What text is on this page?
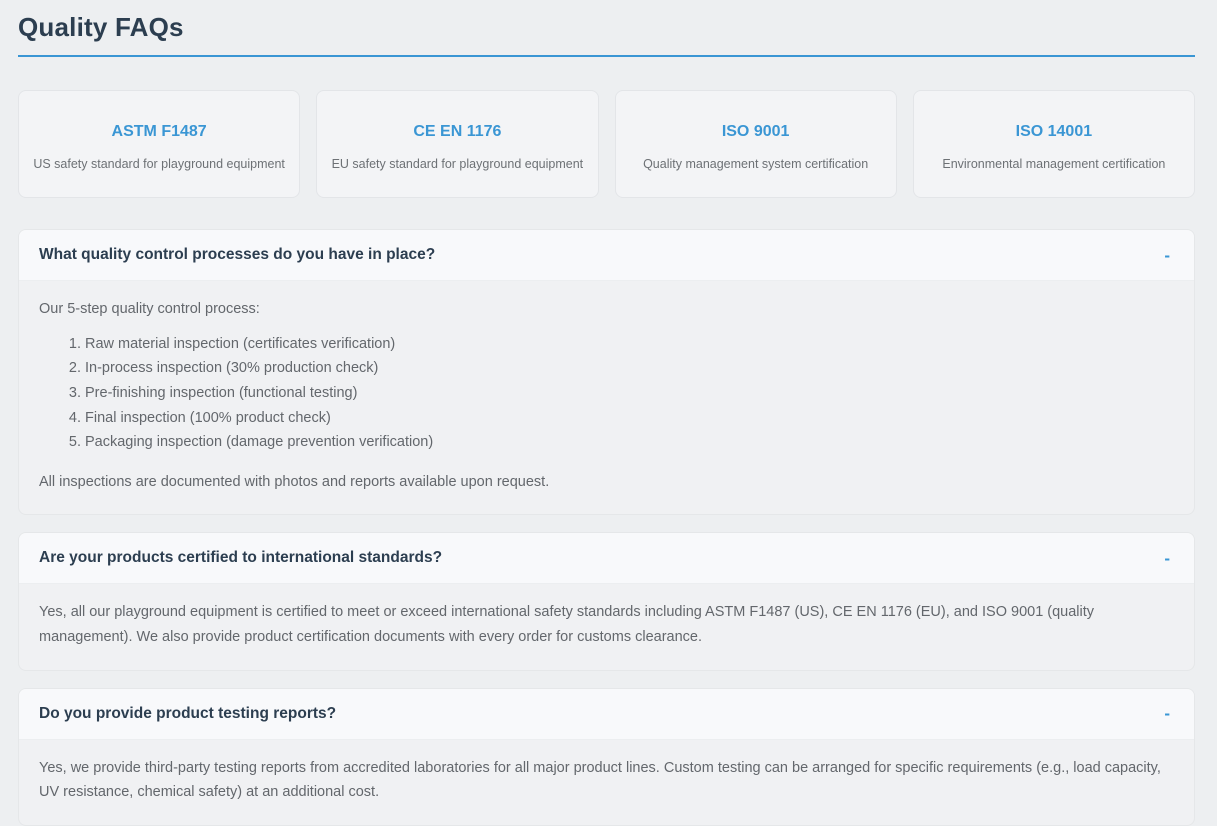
Quality FAQs
ASTM F1487
US safety standard for playground equipment
CE EN 1176
EU safety standard for playground equipment
ISO 9001
Quality management system certification
ISO 14001
Environmental management certification
What quality control processes do you have in place?	-

Our 5-step quality control process:

1. Raw material inspection (certificates verification)
2. In-process inspection (30% production check)
3. Pre-finishing inspection (functional testing)
4. Final inspection (100% product check)
5. Packaging inspection (damage prevention verification)

All inspections are documented with photos and reports available upon request.

Are your products certified to international standards?	-

Yes, all our playground equipment is certified to meet or exceed international safety standards including ASTM F1487 (US), CE EN 1176 (EU), and ISO 9001 (quality management). We also provide product certification documents with every order for customs clearance.

Do you provide product testing reports?	-

Yes, we provide third-party testing reports from accredited laboratories for all major product lines. Custom testing can be arranged for specific requirements (e.g., load capacity, UV resistance, chemical safety) at an additional cost.
